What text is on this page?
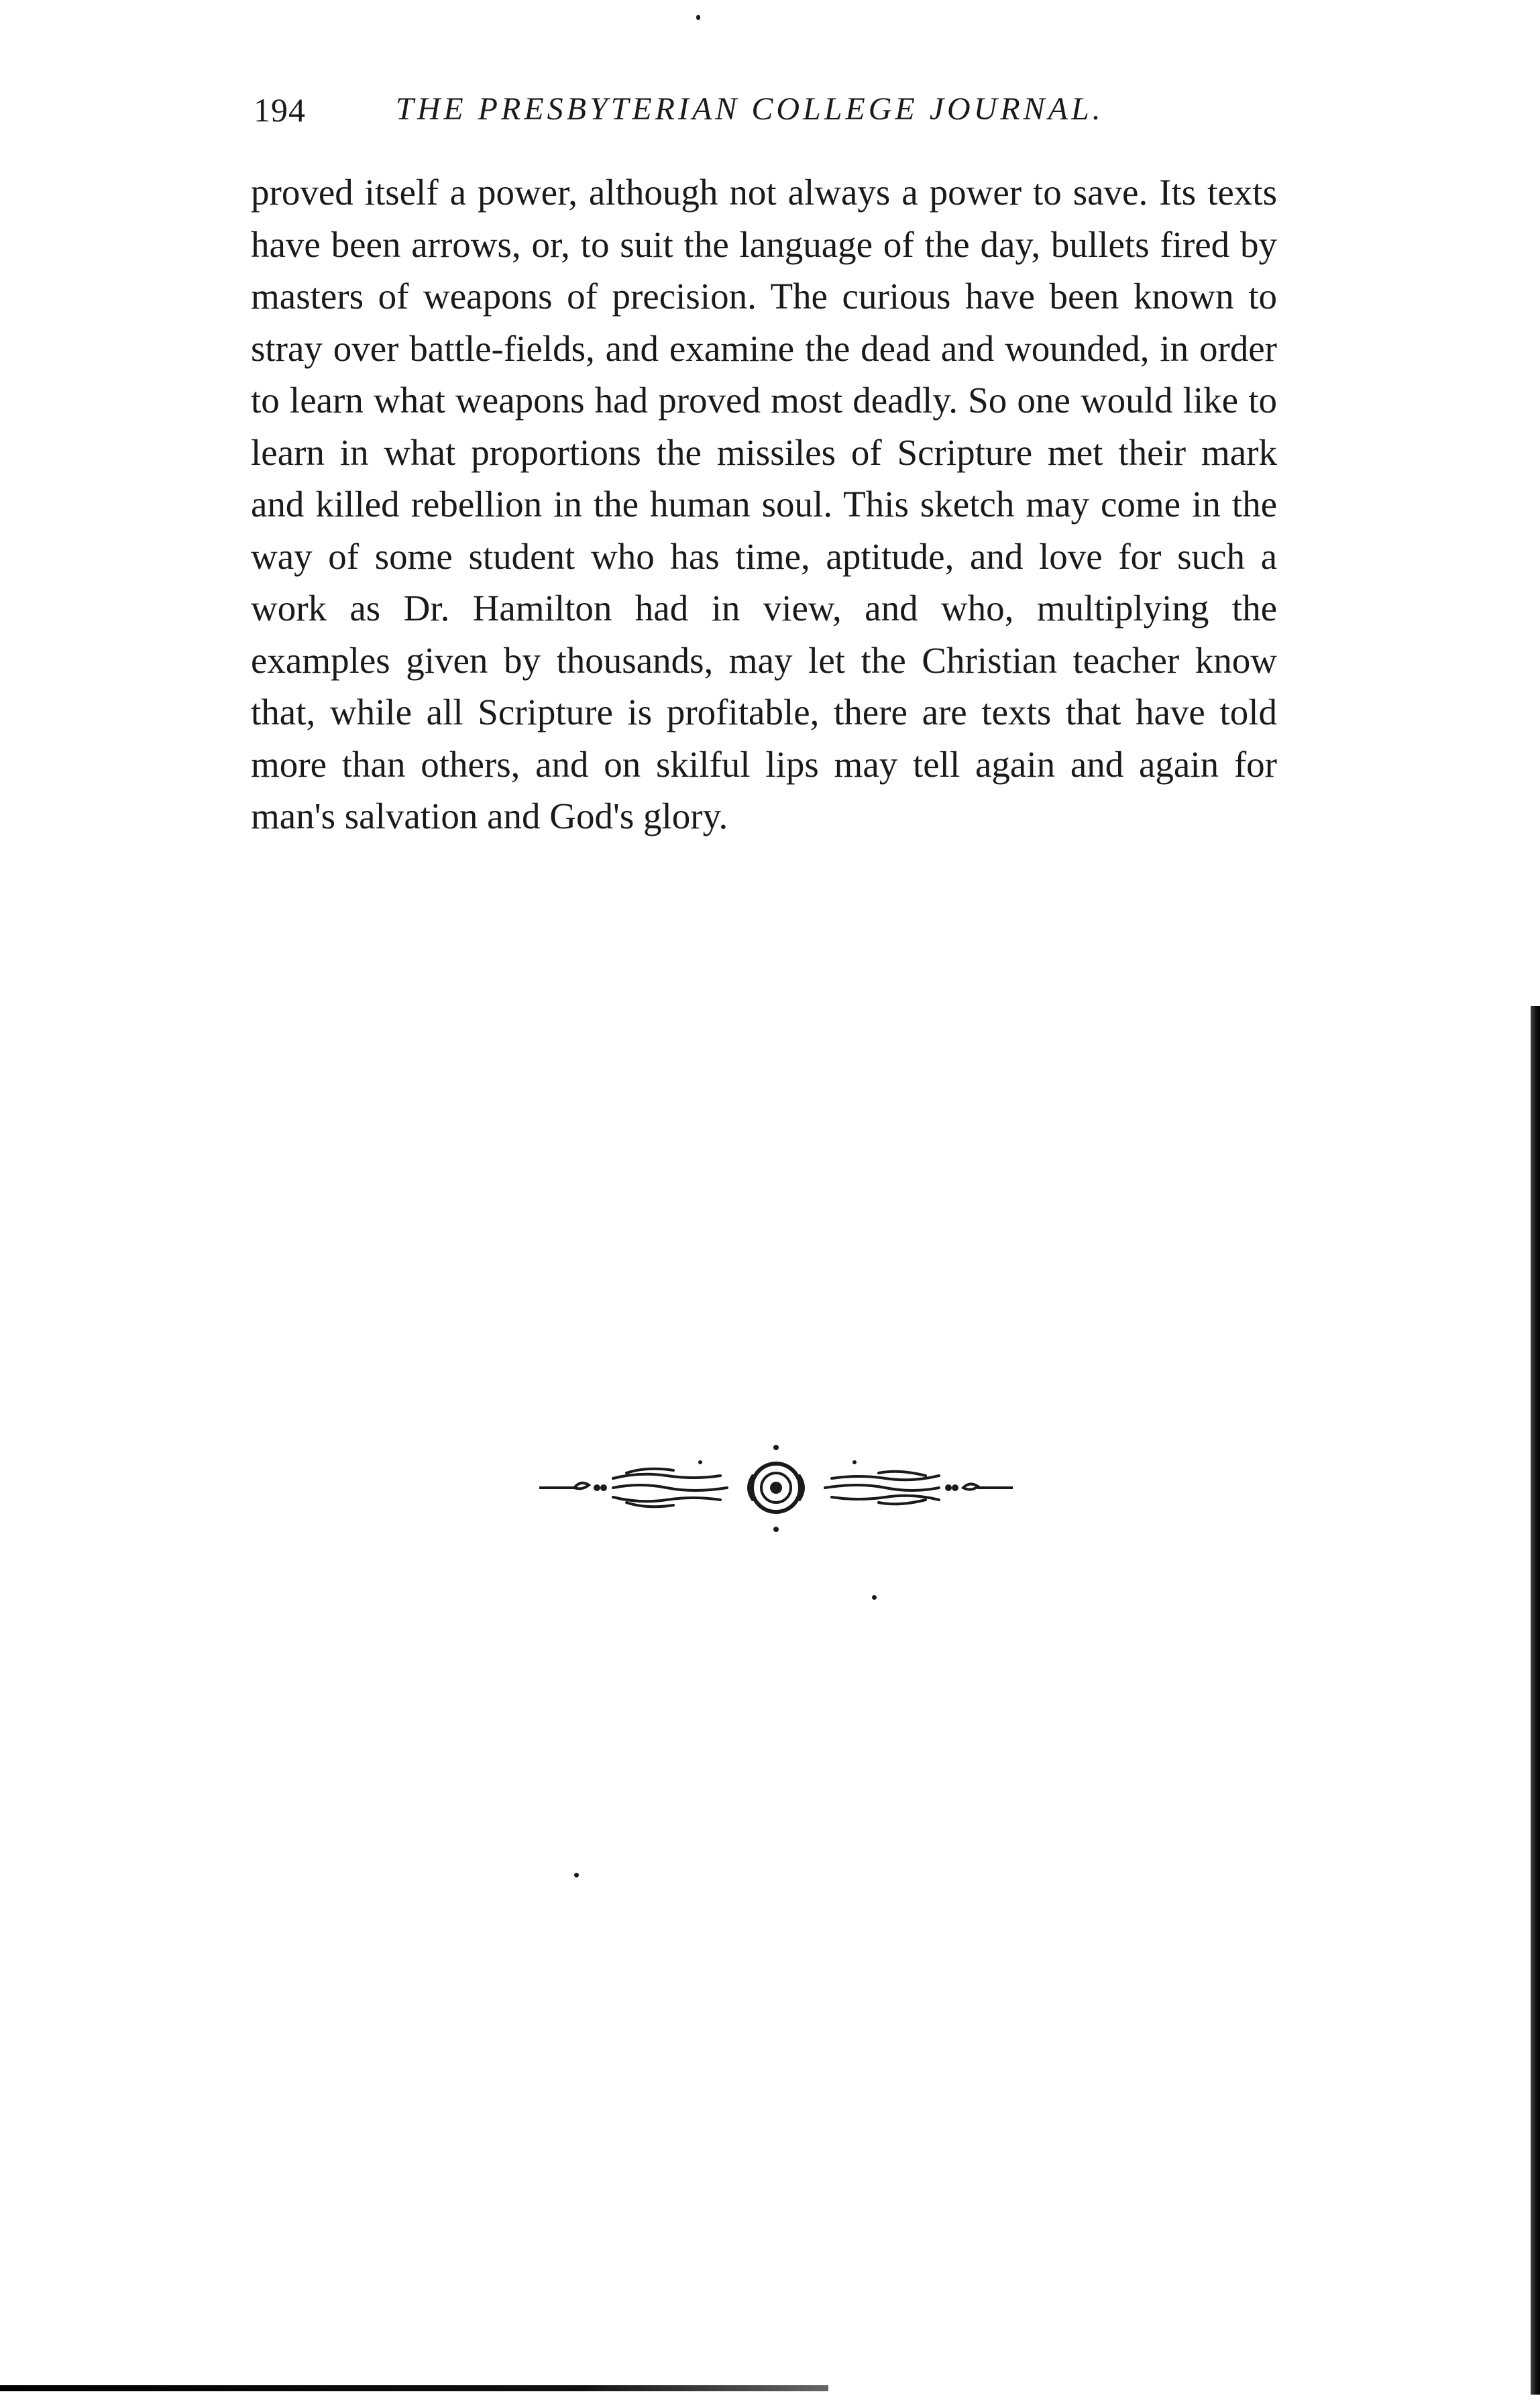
194	THE PRESBYTERIAN COLLEGE JOURNAL.

proved itself a power, although not always a power to save. Its texts have been arrows, or, to suit the language of the day, bullets fired by masters of weapons of precision. The curious have been known to stray over battle-fields, and examine the dead and wounded, in order to learn what weapons had proved most deadly. So one would like to learn in what proportions the missiles of Scripture met their mark and killed rebellion in the human soul. This sketch may come in the way of some student who has time, aptitude, and love for such a work as Dr. Hamilton had in view, and who, multiplying the examples given by thousands, may let the Christian teacher know that, while all Scripture is profitable, there are texts that have told more than others, and on skilful lips may tell again and again for man's salvation and God's glory.
